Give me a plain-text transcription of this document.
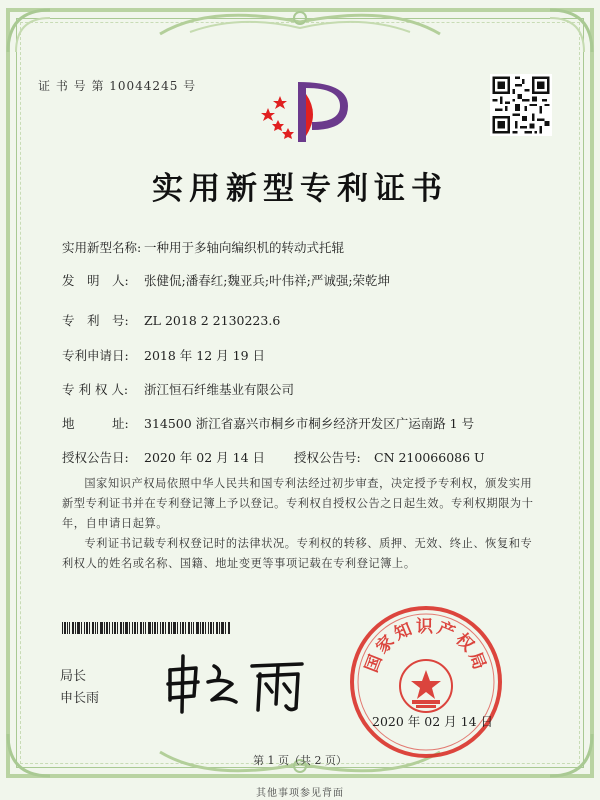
证 书 号 第 10044245 号
实用新型专利证书
实用新型名称: 一种用于多轴向编织机的转动式托辊
发　明　人: 张健侃;潘春红;魏亚兵;叶伟祥;严诚强;荣乾坤
专　利　号: ZL 2018 2 2130223.6
专利申请日: 2018 年 12 月 19 日
专 利 权 人: 浙江恒石纤维基业有限公司
地　　　址: 314500 浙江省嘉兴市桐乡市桐乡经济开发区广运南路 1 号
授权公告日: 2020 年 02 月 14 日 授权公告号: CN 210066086 U
国家知识产权局依照中华人民共和国专利法经过初步审查，决定授予专利权，颁发实用新型专利证书并在专利登记簿上予以登记。专利权自授权公告之日起生效。专利权期限为十年，自申请日起算。
专利证书记载专利权登记时的法律状况。专利权的转移、质押、无效、终止、恢复和专利权人的姓名或名称、国籍、地址变更等事项记载在专利登记簿上。
局长
申长雨
国家知识产权局
2020 年 02 月 14 日
第 1 页（共 2 页）
其他事项参见背面
